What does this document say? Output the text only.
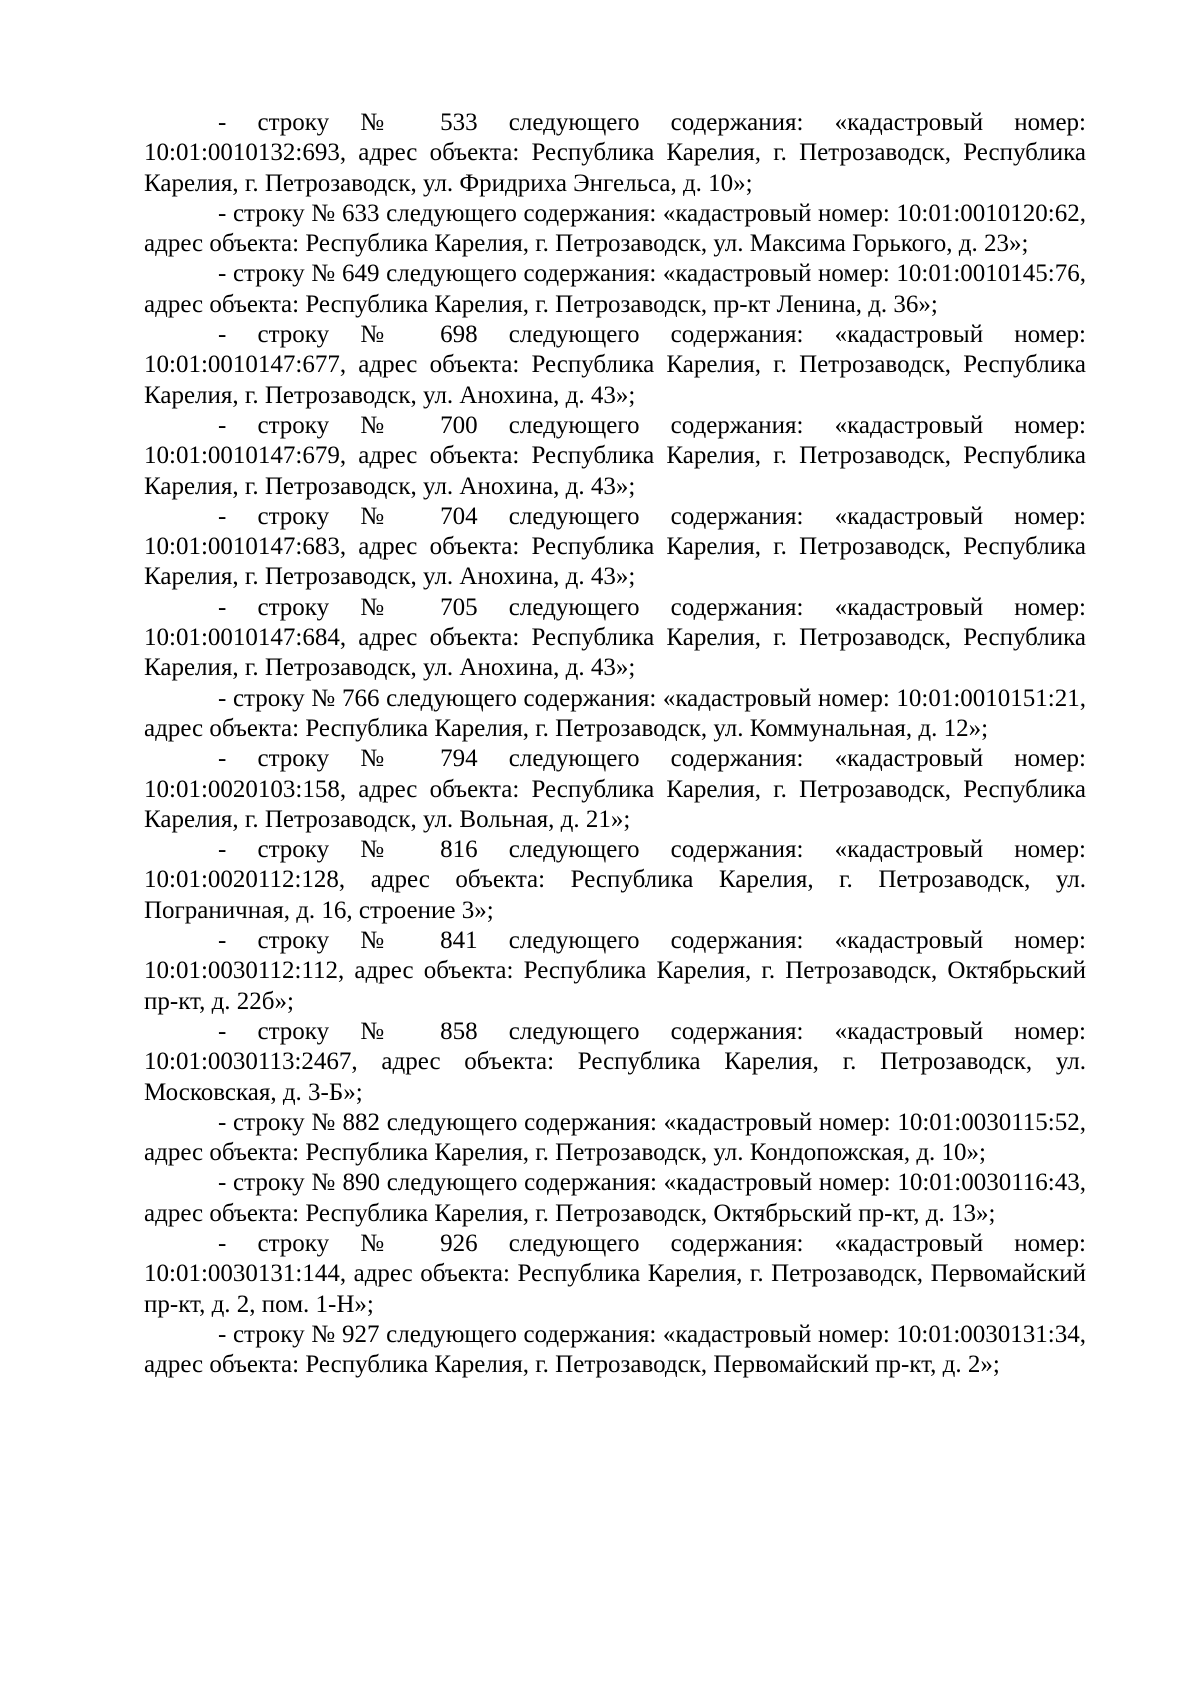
- строку № 533 следующего содержания: «кадастровый номер: 10:01:0010132:693, адрес объекта: Республика Карелия, г. Петрозаводск, Республика Карелия, г. Петрозаводск, ул. Фридриха Энгельса, д. 10»;

- строку № 633 следующего содержания: «кадастровый номер: 10:01:0010120:62, адрес объекта: Республика Карелия, г. Петрозаводск, ул. Максима Горького, д. 23»;

- строку № 649 следующего содержания: «кадастровый номер: 10:01:0010145:76, адрес объекта: Республика Карелия, г. Петрозаводск, пр-кт Ленина, д. 36»;

- строку № 698 следующего содержания: «кадастровый номер: 10:01:0010147:677, адрес объекта: Республика Карелия, г. Петрозаводск, Республика Карелия, г. Петрозаводск, ул. Анохина, д. 43»;

- строку № 700 следующего содержания: «кадастровый номер: 10:01:0010147:679, адрес объекта: Республика Карелия, г. Петрозаводск, Республика Карелия, г. Петрозаводск, ул. Анохина, д. 43»;

- строку № 704 следующего содержания: «кадастровый номер: 10:01:0010147:683, адрес объекта: Республика Карелия, г. Петрозаводск, Республика Карелия, г. Петрозаводск, ул. Анохина, д. 43»;

- строку № 705 следующего содержания: «кадастровый номер: 10:01:0010147:684, адрес объекта: Республика Карелия, г. Петрозаводск, Республика Карелия, г. Петрозаводск, ул. Анохина, д. 43»;

- строку № 766 следующего содержания: «кадастровый номер: 10:01:0010151:21, адрес объекта: Республика Карелия, г. Петрозаводск, ул. Коммунальная, д. 12»;

- строку № 794 следующего содержания: «кадастровый номер: 10:01:0020103:158, адрес объекта: Республика Карелия, г. Петрозаводск, Республика Карелия, г. Петрозаводск, ул. Вольная, д. 21»;

- строку № 816 следующего содержания: «кадастровый номер: 10:01:0020112:128, адрес объекта: Республика Карелия, г. Петрозаводск, ул. Пограничная, д. 16, строение 3»;

- строку № 841 следующего содержания: «кадастровый номер: 10:01:0030112:112, адрес объекта: Республика Карелия, г. Петрозаводск, Октябрьский пр-кт, д. 22б»;

- строку № 858 следующего содержания: «кадастровый номер: 10:01:0030113:2467, адрес объекта: Республика Карелия, г. Петрозаводск, ул. Московская, д. 3-Б»;

- строку № 882 следующего содержания: «кадастровый номер: 10:01:0030115:52, адрес объекта: Республика Карелия, г. Петрозаводск, ул. Кондопожская, д. 10»;

- строку № 890 следующего содержания: «кадастровый номер: 10:01:0030116:43, адрес объекта: Республика Карелия, г. Петрозаводск, Октябрьский пр-кт, д. 13»;

- строку № 926 следующего содержания: «кадастровый номер: 10:01:0030131:144, адрес объекта: Республика Карелия, г. Петрозаводск, Первомайский пр-кт, д. 2, пом. 1-Н»;

- строку № 927 следующего содержания: «кадастровый номер: 10:01:0030131:34, адрес объекта: Республика Карелия, г. Петрозаводск, Первомайский пр-кт, д. 2»;
